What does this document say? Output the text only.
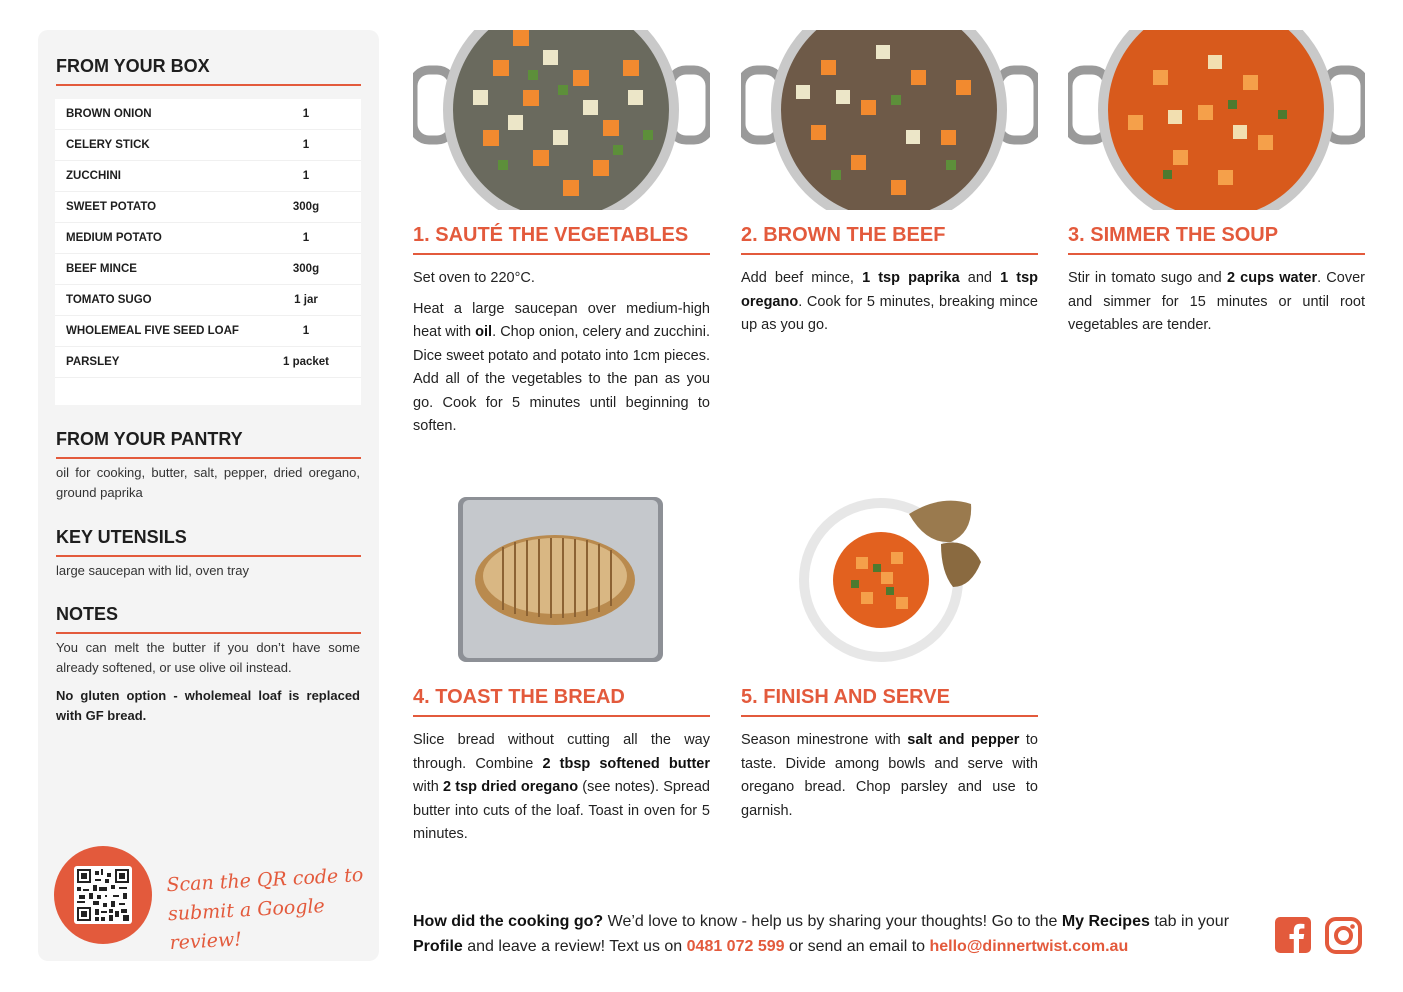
FROM YOUR BOX
BROWN ONION	1
CELERY STICK	1
ZUCCHINI	1
SWEET POTATO	300g
MEDIUM POTATO	1
BEEF MINCE	300g
TOMATO SUGO	1 jar
WHOLEMEAL FIVE SEED LOAF	1
PARSLEY	1 packet
FROM YOUR PANTRY
oil for cooking, butter, salt, pepper, dried oregano, ground paprika
KEY UTENSILS
large saucepan with lid, oven tray
NOTES
You can melt the butter if you don’t have some already softened, or use olive oil instead.
No gluten option - wholemeal loaf is replaced with GF bread.
Scan the QR code to
submit a Google review!
1. SAUTÉ THE VEGETABLES

Set oven to 220°C.

Heat a large saucepan over medium-high heat with oil. Chop onion, celery and zucchini. Dice sweet potato and potato into 1cm pieces. Add all of the vegetables to the pan as you go. Cook for 5 minutes until beginning to soften.

2. BROWN THE BEEF

Add beef mince, 1 tsp paprika and 1 tsp oregano. Cook for 5 minutes, breaking mince up as you go.

3. SIMMER THE SOUP

Stir in tomato sugo and 2 cups water. Cover and simmer for 15 minutes or until root vegetables are tender.

4. TOAST THE BREAD

Slice bread without cutting all the way through. Combine 2 tbsp softened butter with 2 tsp dried oregano (see notes). Spread butter into cuts of the loaf. Toast in oven for 5 minutes.

5. FINISH AND SERVE

Season minestrone with salt and pepper to taste. Divide among bowls and serve with oregano bread. Chop parsley and use to garnish.

How did the cooking go? We’d love to know - help us by sharing your thoughts! Go to the My Recipes tab in your Profile and leave a review! Text us on 0481 072 599 or send an email to hello@dinnertwist.com.au
